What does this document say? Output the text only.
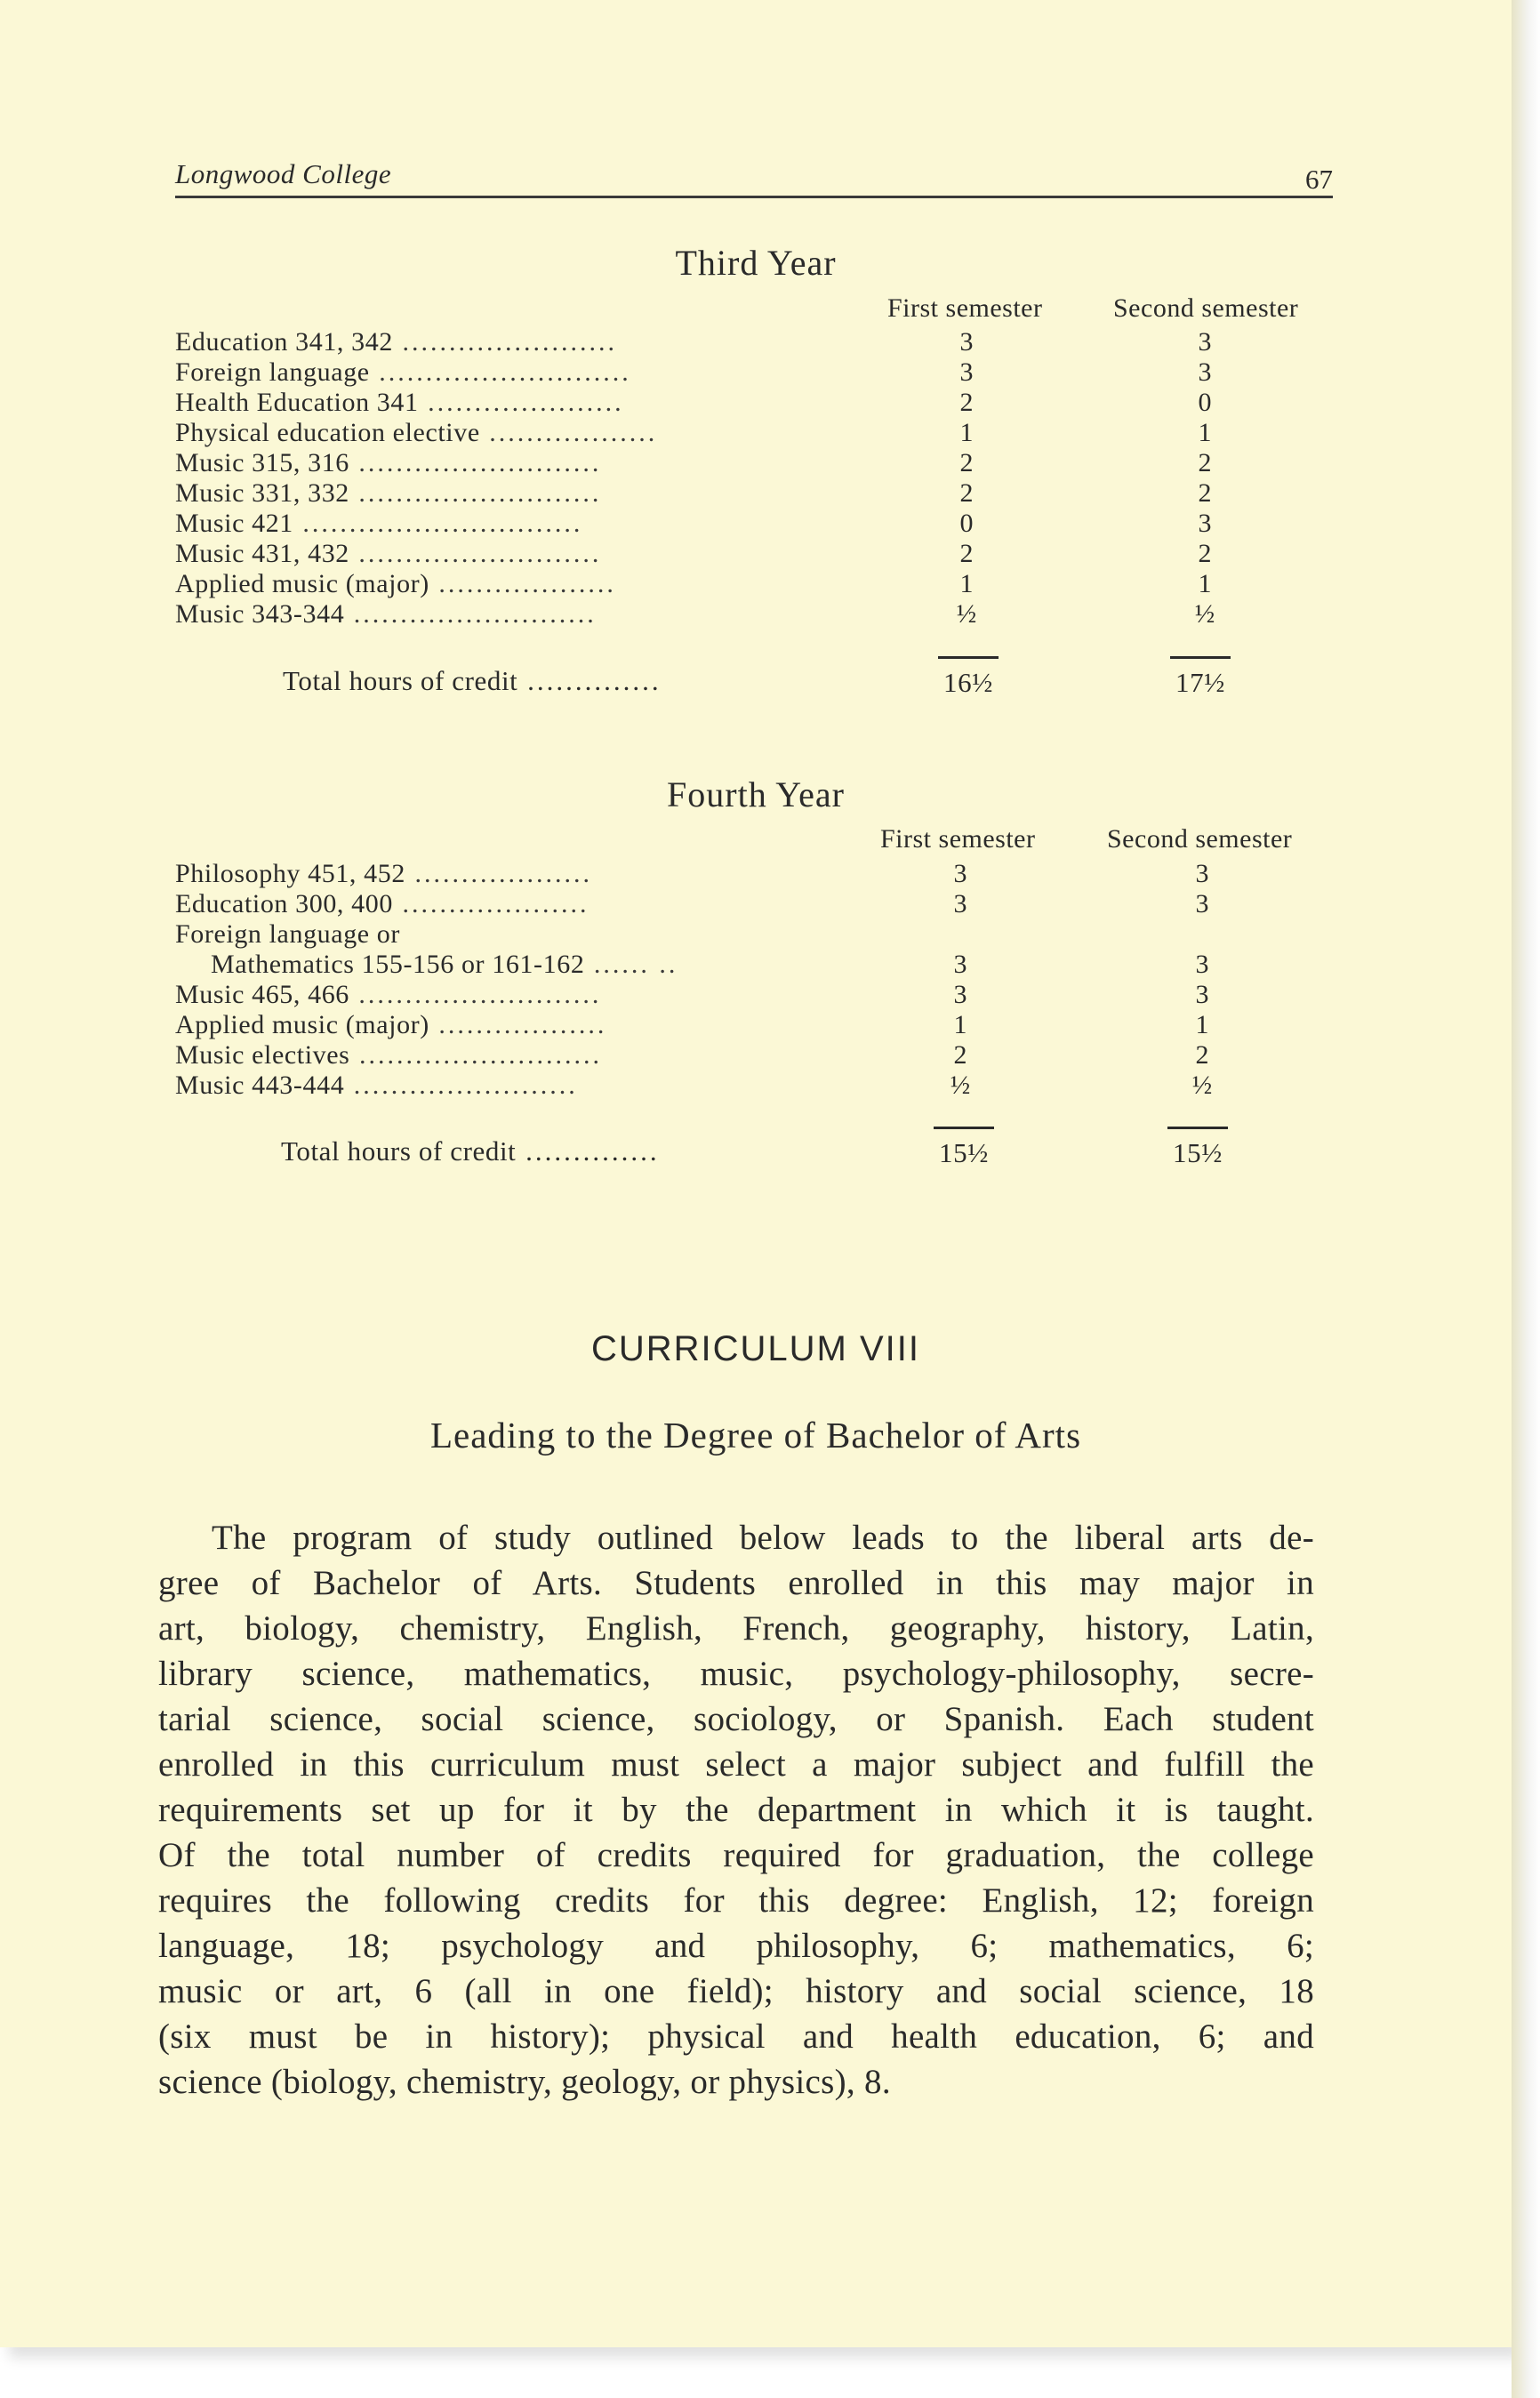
Longwood College	67
Third Year
First semester	Second semester
Education 341, 342 .......................	3	3
Foreign language ...........................	3	3
Health Education 341 .....................	2	0
Physical education elective ..................	1	1
Music 315, 316 ..........................	2	2
Music 331, 332 ..........................	2	2
Music 421 ..............................	0	3
Music 431, 432 ..........................	2	2
Applied music (major) ...................	1	1
Music 343-344 ..........................	½	½
Total hours of credit ..............	16½	17½
Fourth Year
First semester	Second semester
Philosophy 451, 452 ...................	3	3
Education 300, 400 ....................	3	3
Foreign language or
Mathematics 155-156 or 161-162 ...... ..	3	3
Music 465, 466 ..........................	3	3
Applied music (major) ..................	1	1
Music electives ..........................	2	2
Music 443-444 ........................	½	½
Total hours of credit ..............	15½	15½
CURRICULUM VIII
Leading to the Degree of Bachelor of Arts
The program of study outlined below leads to the liberal arts de-
gree of Bachelor of Arts. Students enrolled in this may major in
art, biology, chemistry, English, French, geography, history, Latin,
library science, mathematics, music, psychology-philosophy, secre-
tarial science, social science, sociology, or Spanish. Each student
enrolled in this curriculum must select a major subject and fulfill the
requirements set up for it by the department in which it is taught.
Of the total number of credits required for graduation, the college
requires the following credits for this degree: English, 12; foreign
language, 18; psychology and philosophy, 6; mathematics, 6;
music or art, 6 (all in one field); history and social science, 18
(six must be in history); physical and health education, 6; and
science (biology, chemistry, geology, or physics), 8.
